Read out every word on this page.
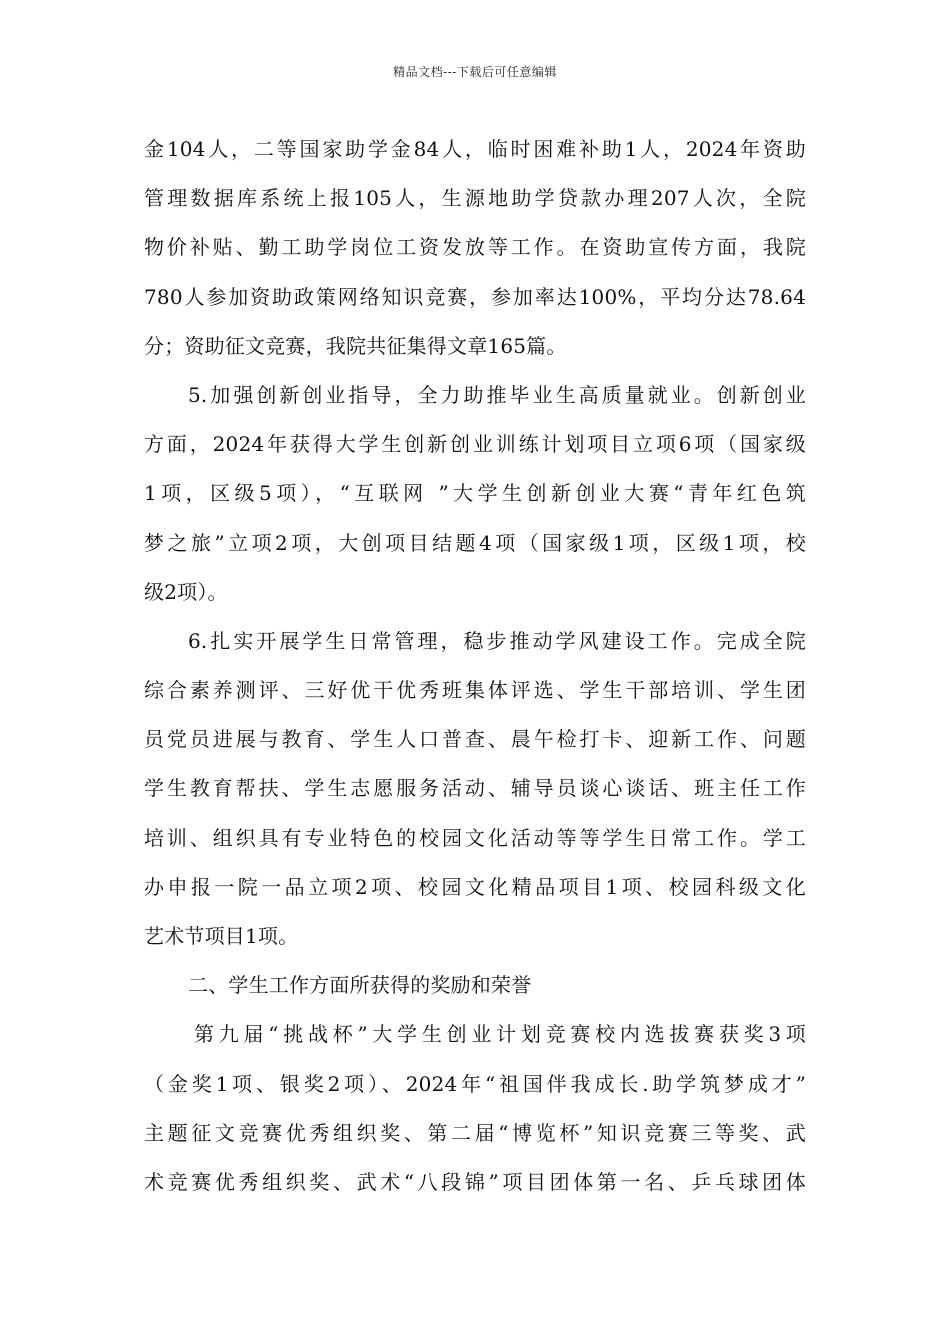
精品文档---下载后可任意编辑
金104人，二等国家助学金84人，临时困难补助1人，2024年资助
管理数据库系统上报105人，生源地助学贷款办理207人次，全院
物价补贴、勤工助学岗位工资发放等工作。在资助宣传方面，我院
780人参加资助政策网络知识竞赛，参加率达100%，平均分达78.64
分；资助征文竞赛，我院共征集得文章165篇。
5.加强创新创业指导，全力助推毕业生高质量就业。创新创业
方面，2024年获得大学生创新创业训练计划项目立项6项（国家级
1项，区级5项），“互联网 ”大学生创新创业大赛“青年红色筑
梦之旅”立项2项，大创项目结题4项（国家级1项，区级1项，校
级2项）。
6.扎实开展学生日常管理，稳步推动学风建设工作。完成全院
综合素养测评、三好优干优秀班集体评选、学生干部培训、学生团
员党员进展与教育、学生人口普查、晨午检打卡、迎新工作、问题
学生教育帮扶、学生志愿服务活动、辅导员谈心谈话、班主任工作
培训、组织具有专业特色的校园文化活动等等学生日常工作。学工
办申报一院一品立项2项、校园文化精品项目1项、校园科级文化
艺术节项目1项。
二、学生工作方面所获得的奖励和荣誉
第九届“挑战杯”大学生创业计划竞赛校内选拔赛获奖3项
（金奖1项、银奖2项）、2024年“祖国伴我成长.助学筑梦成才”
主题征文竞赛优秀组织奖、第二届“博览杯”知识竞赛三等奖、武
术竞赛优秀组织奖、武术“八段锦”项目团体第一名、乒乓球团体
